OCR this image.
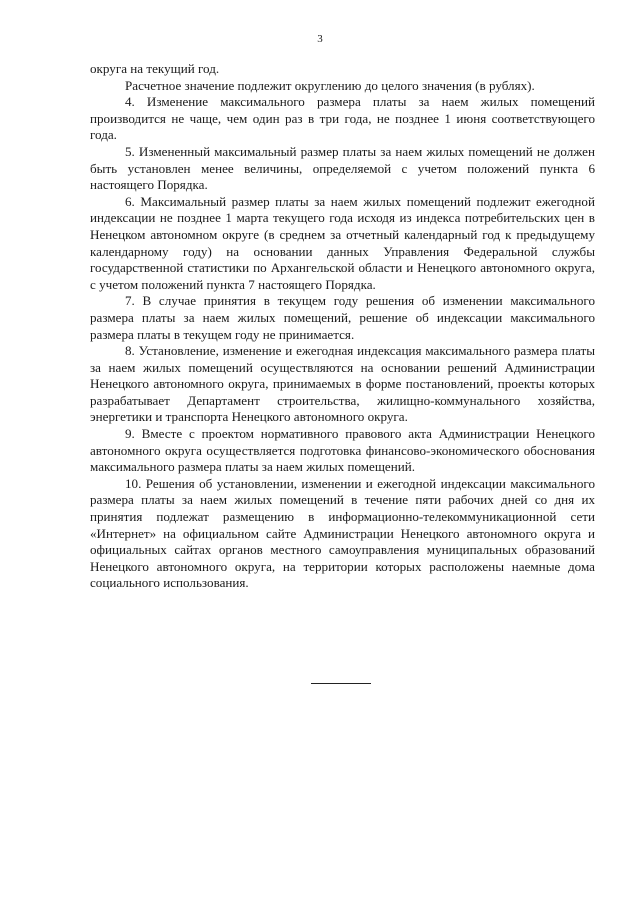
3

округа на текущий год.

Расчетное значение подлежит округлению до целого значения (в рублях).

4. Изменение максимального размера платы за наем жилых помещений производится не чаще, чем один раз в три года, не позднее 1 июня соответствующего года.

5. Измененный максимальный размер платы за наем жилых помещений не должен быть установлен менее величины, определяемой с учетом положений пункта 6 настоящего Порядка.

6. Максимальный размер платы за наем жилых помещений подлежит ежегодной индексации не позднее 1 марта текущего года исходя из индекса потребительских цен в Ненецком автономном округе (в среднем за отчетный календарный год к предыдущему календарному году) на основании данных Управления Федеральной службы государственной статистики по Архангельской области и Ненецкого автономного округа, с учетом положений пункта 7 настоящего Порядка.

7. В случае принятия в текущем году решения об изменении максимального размера платы за наем жилых помещений, решение об индексации максимального размера платы в текущем году не принимается.

8. Установление, изменение и ежегодная индексация максимального размера платы за наем жилых помещений осуществляются на основании решений Администрации Ненецкого автономного округа, принимаемых в форме постановлений, проекты которых разрабатывает Департамент строительства, жилищно-коммунального хозяйства, энергетики и транспорта Ненецкого автономного округа.

9. Вместе с проектом нормативного правового акта Администрации Ненецкого автономного округа осуществляется подготовка финансово-экономического обоснования максимального размера платы за наем жилых помещений.

10. Решения об установлении, изменении и ежегодной индексации максимального размера платы за наем жилых помещений в течение пяти рабочих дней со дня их принятия подлежат размещению в информационно-телекоммуникационной сети «Интернет» на официальном сайте Администрации Ненецкого автономного округа и официальных сайтах органов местного самоуправления муниципальных образований Ненецкого автономного округа, на территории которых расположены наемные дома социального использования.
